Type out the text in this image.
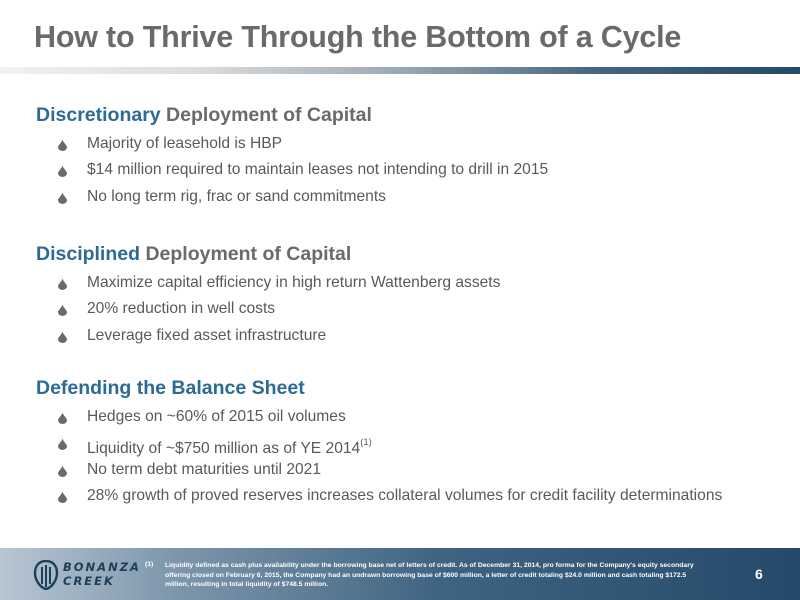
How to Thrive Through the Bottom of a Cycle
Discretionary Deployment of Capital
Majority of leasehold is HBP
$14 million required to maintain leases not intending to drill in 2015
No long term rig, frac or sand commitments
Disciplined Deployment of Capital
Maximize capital efficiency in high return Wattenberg assets
20% reduction in well costs
Leverage fixed asset infrastructure
Defending the Balance Sheet
Hedges on ~60% of 2015 oil volumes
Liquidity of ~$750 million as of YE 2014$^{(1)}$
No term debt maturities until 2021
28% growth of proved reserves increases collateral volumes for credit facility determinations
BONANZA
CREEK
(1) Liquidity defined as cash plus availability under the borrowing base net of letters of credit. As of December 31, 2014, pro forma for the Company's equity secondary offering closed on February 6, 2015, the Company had an undrawn borrowing base of $600 million, a letter of credit totaling $24.0 million and cash totaling $172.5 million, resulting in total liquidity of $748.5 million.
6
